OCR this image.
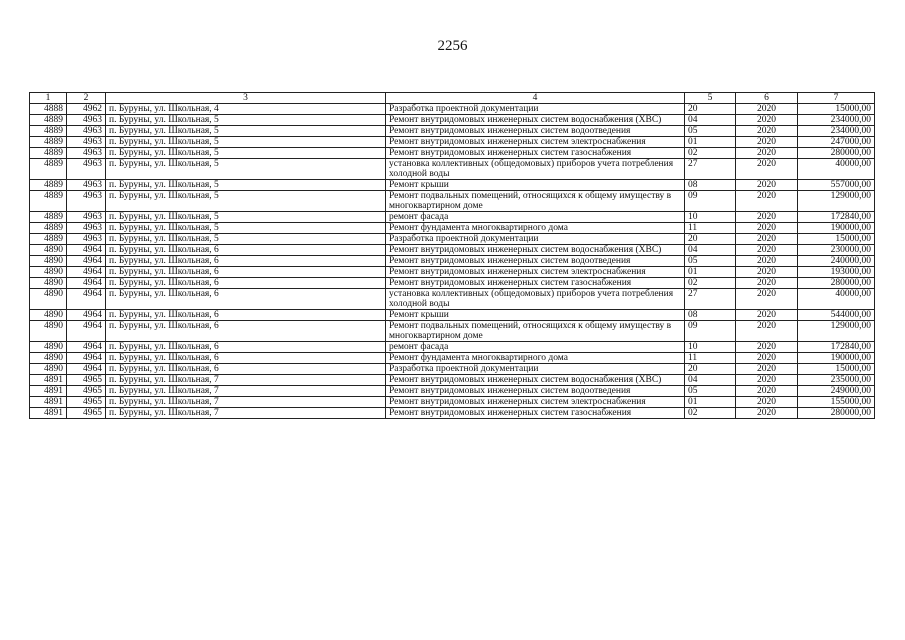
2256
1	2	3	4	5	6	7
4888	4962	п. Буруны, ул. Школьная, 4	Разработка проектной документации	20	2020	15000,00
4889	4963	п. Буруны, ул. Школьная, 5	Ремонт внутридомовых инженерных систем водоснабжения (ХВС)	04	2020	234000,00
4889	4963	п. Буруны, ул. Школьная, 5	Ремонт внутридомовых инженерных систем водоотведения	05	2020	234000,00
4889	4963	п. Буруны, ул. Школьная, 5	Ремонт внутридомовых инженерных систем электроснабжения	01	2020	247000,00
4889	4963	п. Буруны, ул. Школьная, 5	Ремонт внутридомовых инженерных систем газоснабжения	02	2020	280000,00
4889	4963	п. Буруны, ул. Школьная, 5	установка коллективных (общедомовых) приборов учета потребления холодной воды	27	2020	40000,00
4889	4963	п. Буруны, ул. Школьная, 5	Ремонт крыши	08	2020	557000,00
4889	4963	п. Буруны, ул. Школьная, 5	Ремонт подвальных помещений, относящихся к общему имуществу в многоквартирном доме	09	2020	129000,00
4889	4963	п. Буруны, ул. Школьная, 5	ремонт фасада	10	2020	172840,00
4889	4963	п. Буруны, ул. Школьная, 5	Ремонт фундамента многоквартирного дома	11	2020	190000,00
4889	4963	п. Буруны, ул. Школьная, 5	Разработка проектной документации	20	2020	15000,00
4890	4964	п. Буруны, ул. Школьная, 6	Ремонт внутридомовых инженерных систем водоснабжения (ХВС)	04	2020	230000,00
4890	4964	п. Буруны, ул. Школьная, 6	Ремонт внутридомовых инженерных систем водоотведения	05	2020	240000,00
4890	4964	п. Буруны, ул. Школьная, 6	Ремонт внутридомовых инженерных систем электроснабжения	01	2020	193000,00
4890	4964	п. Буруны, ул. Школьная, 6	Ремонт внутридомовых инженерных систем газоснабжения	02	2020	280000,00
4890	4964	п. Буруны, ул. Школьная, 6	установка коллективных (общедомовых) приборов учета потребления холодной воды	27	2020	40000,00
4890	4964	п. Буруны, ул. Школьная, 6	Ремонт крыши	08	2020	544000,00
4890	4964	п. Буруны, ул. Школьная, 6	Ремонт подвальных помещений, относящихся к общему имуществу в многоквартирном доме	09	2020	129000,00
4890	4964	п. Буруны, ул. Школьная, 6	ремонт фасада	10	2020	172840,00
4890	4964	п. Буруны, ул. Школьная, 6	Ремонт фундамента многоквартирного дома	11	2020	190000,00
4890	4964	п. Буруны, ул. Школьная, 6	Разработка проектной документации	20	2020	15000,00
4891	4965	п. Буруны, ул. Школьная, 7	Ремонт внутридомовых инженерных систем водоснабжения (ХВС)	04	2020	235000,00
4891	4965	п. Буруны, ул. Школьная, 7	Ремонт внутридомовых инженерных систем водоотведения	05	2020	249000,00
4891	4965	п. Буруны, ул. Школьная, 7	Ремонт внутридомовых инженерных систем электроснабжения	01	2020	155000,00
4891	4965	п. Буруны, ул. Школьная, 7	Ремонт внутридомовых инженерных систем газоснабжения	02	2020	280000,00
